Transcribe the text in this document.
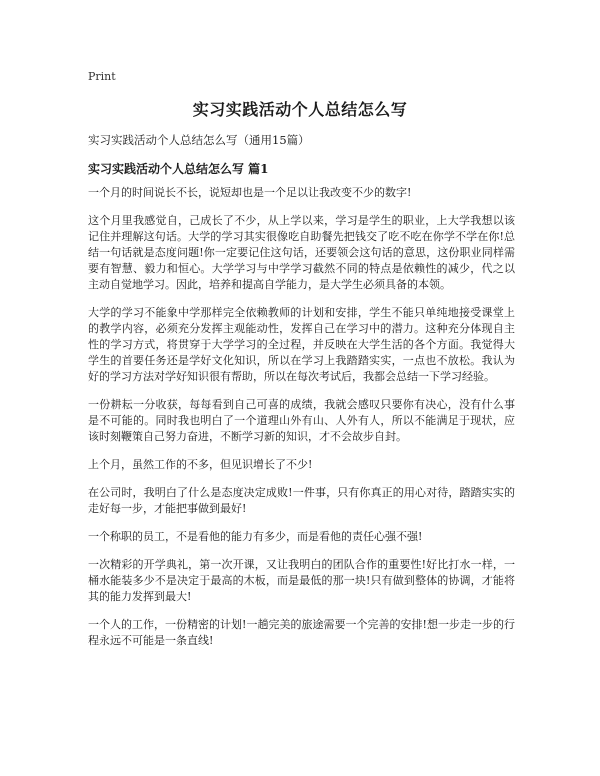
Print
实习实践活动个人总结怎么写
实习实践活动个人总结怎么写（通用15篇）
实习实践活动个人总结怎么写 篇1

一个月的时间说长不长，说短却也是一个足以让我改变不少的数字!

这个月里我感觉自，己成长了不少，从上学以来，学习是学生的职业，上大学我想以该记住并理解这句话。大学的学习其实很像吃自助餐先把钱交了吃不吃在你学不学在你!总结一句话就是态度问题!你一定要记住这句话，还要领会这句话的意思，这份职业同样需要有智慧、毅力和恒心。大学学习与中学学习截然不同的特点是依赖性的减少，代之以主动自觉地学习。因此，培养和提高自学能力，是大学生必须具备的本领。

大学的学习不能象中学那样完全依赖教师的计划和安排，学生不能只单纯地接受课堂上的教学内容，必须充分发挥主观能动性，发挥自己在学习中的潜力。这种充分体现自主性的学习方式，将贯穿于大学学习的全过程，并反映在大学生活的各个方面。我觉得大学生的首要任务还是学好文化知识，所以在学习上我踏踏实实，一点也不放松。我认为好的学习方法对学好知识很有帮助，所以在每次考试后，我都会总结一下学习经验。

一份耕耘一分收获，每每看到自己可喜的成绩，我就会感叹只要你有决心，没有什么事是不可能的。同时我也明白了一个道理山外有山、人外有人，所以不能满足于现状，应该时刻鞭策自己努力奋进，不断学习新的知识，才不会故步自封。

上个月，虽然工作的不多，但见识增长了不少!

在公司时，我明白了什么是态度决定成败!一件事，只有你真正的用心对待，踏踏实实的走好每一步，才能把事做到最好!

一个称职的员工，不是看他的能力有多少，而是看他的责任心强不强!

一次精彩的开学典礼，第一次开课，又让我明白的团队合作的重要性!好比打水一样，一桶水能装多少不是决定于最高的木板，而是最低的那一块!只有做到整体的协调，才能将其的能力发挥到最大!

一个人的工作，一份精密的计划!一趟完美的旅途需要一个完善的安排!想一步走一步的行程永远不可能是一条直线!
